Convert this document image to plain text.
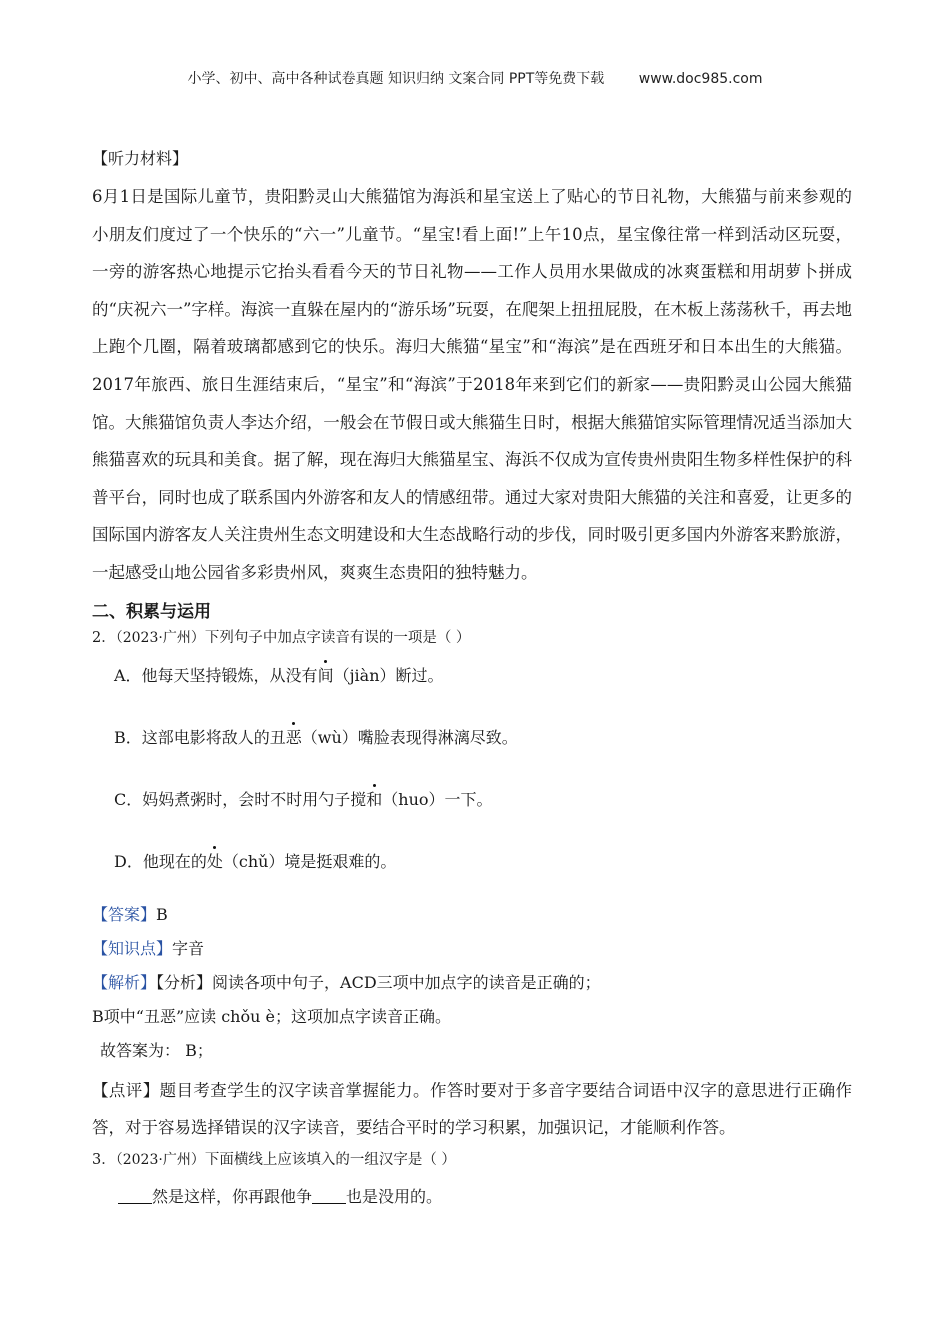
小学、初中、高中各种试卷真题 知识归纳 文案合同 PPT等免费下载 www.doc985.com
【听力材料】

6月1日是国际儿童节，贵阳黔灵山大熊猫馆为海浜和星宝送上了贴心的节日礼物，大熊猫与前来参观的小朋友们度过了一个快乐的“六一”儿童节。“星宝!看上面!”上午10点，星宝像往常一样到活动区玩耍，一旁的游客热心地提示它抬头看看今天的节日礼物——工作人员用水果做成的冰爽蛋糕和用胡萝卜拼成的“庆祝六一”字样。海滨一直躲在屋内的“游乐场”玩耍，在爬架上扭扭屁股，在木板上荡荡秋千，再去地上跑个几圈，隔着玻璃都感到它的快乐。海归大熊猫“星宝”和“海滨”是在西班牙和日本出生的大熊猫。2017年旅西、旅日生涯结束后，“星宝”和“海滨”于2018年来到它们的新家——贵阳黔灵山公园大熊猫馆。大熊猫馆负责人李达介绍，一般会在节假日或大熊猫生日时，根据大熊猫馆实际管理情况适当添加大熊猫喜欢的玩具和美食。据了解，现在海归大熊猫星宝、海浜不仅成为宣传贵州贵阳生物多样性保护的科普平台，同时也成了联系国内外游客和友人的情感纽带。通过大家对贵阳大熊猫的关注和喜爱，让更多的国际国内游客友人关注贵州生态文明建设和大生态战略行动的步伐，同时吸引更多国内外游客来黔旅游，一起感受山地公园省多彩贵州风，爽爽生态贵阳的独特魅力。

二、积累与运用
2．（2023·广州）下列句子中加点字读音有误的一项是（ ）
A．他每天坚持锻炼，从没有间（jiàn）断过。
B．这部电影将敌人的丑恶（wù）嘴脸表现得淋漓尽致。
C．妈妈煮粥时，会时不时用勺子搅和（huo）一下。
D．他现在的处（chǔ）境是挺艰难的。
【答案】B
【知识点】字音
【解析】【分析】阅读各项中句子，ACD三项中加点字的读音是正确的；
B项中“丑恶”应读 chǒu è；这项加点字读音正确。
故答案为： B；
【点评】题目考查学生的汉字读音掌握能力。作答时要对于多音字要结合词语中汉字的意思进行正确作答，对于容易选择错误的汉字读音，要结合平时的学习积累，加强识记，才能顺利作答。
3．（2023·广州）下面横线上应该填入的一组汉字是（ ）
然是这样，你再跟他争 也是没用的。
